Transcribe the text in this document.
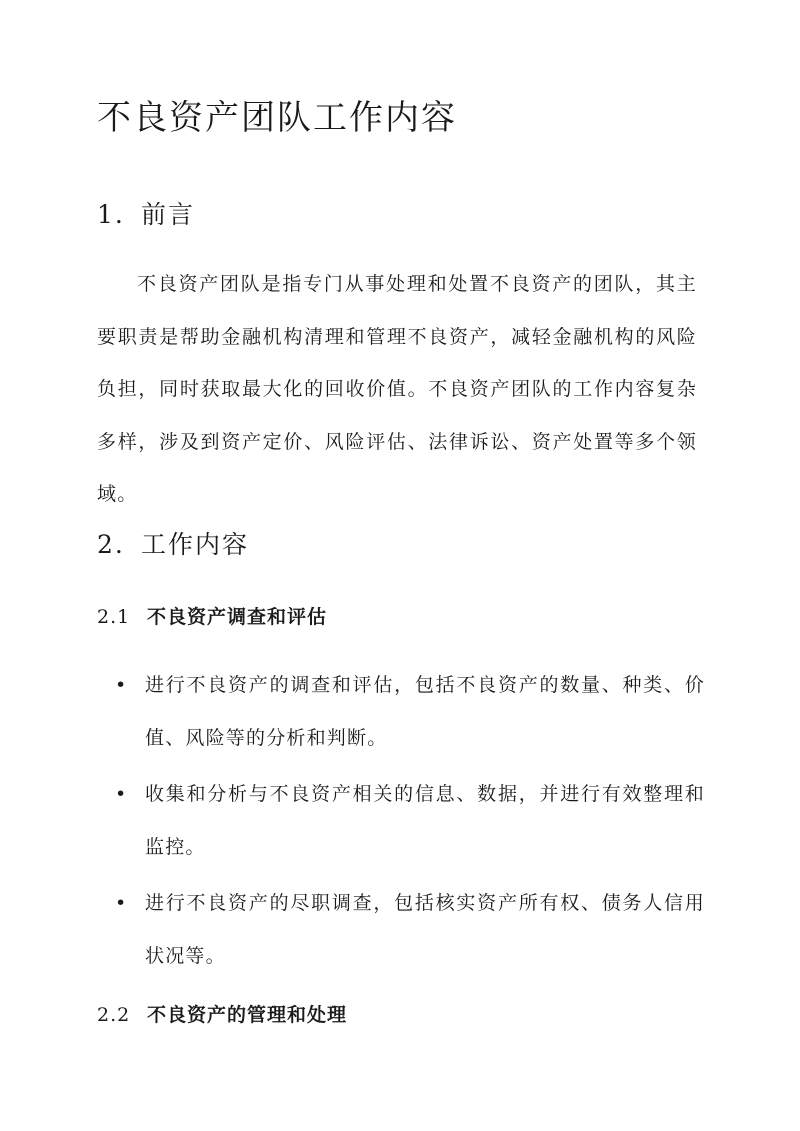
不良资产团队工作内容
1. 前言

不良资产团队是指专门从事处理和处置不良资产的团队，其主要职责是帮助金融机构清理和管理不良资产，减轻金融机构的风险负担，同时获取最大化的回收价值。不良资产团队的工作内容复杂多样，涉及到资产定价、风险评估、法律诉讼、资产处置等多个领域。

2. 工作内容
2.1 不良资产调查和评估
• 进行不良资产的调查和评估，包括不良资产的数量、种类、价值、风险等的分析和判断。

• 收集和分析与不良资产相关的信息、数据，并进行有效整理和监控。

• 进行不良资产的尽职调查，包括核实资产所有权、债务人信用状况等。

2.2 不良资产的管理和处理
